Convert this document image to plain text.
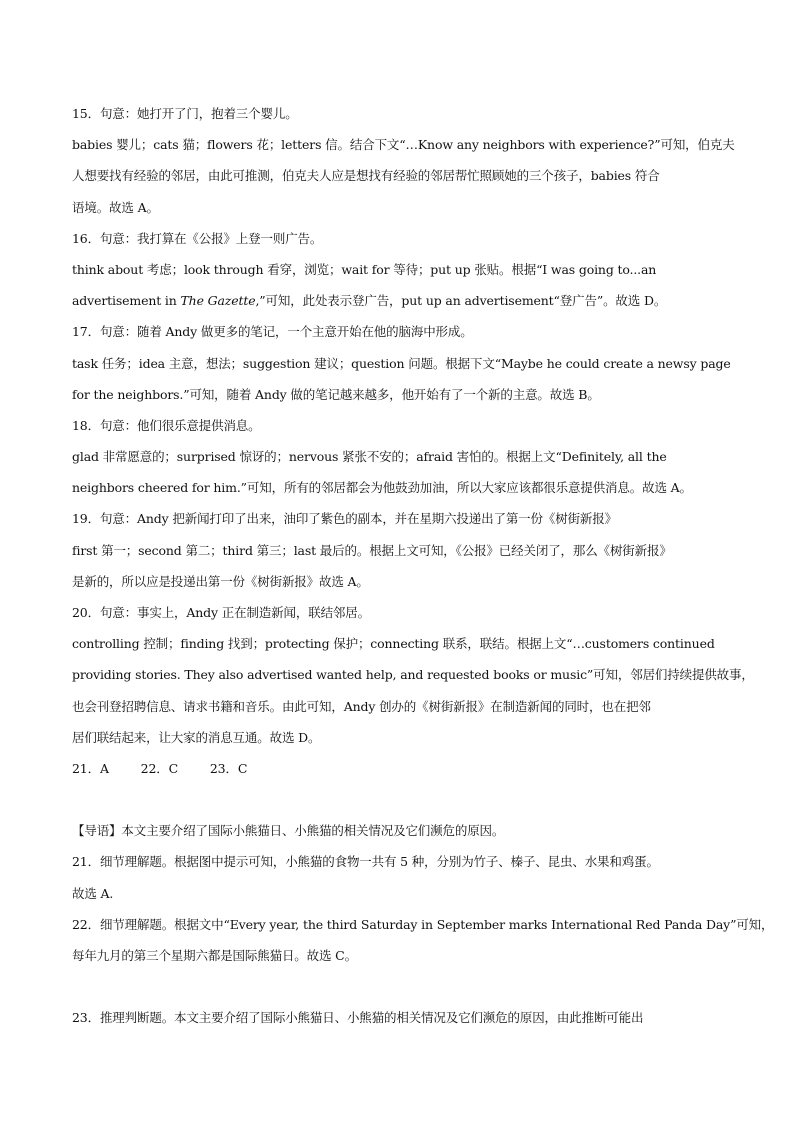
15．句意：她打开了门，抱着三个婴儿。
babies 婴儿；cats 猫；flowers 花；letters 信。结合下文“…Know any neighbors with experience?”可知，伯克夫
人想要找有经验的邻居，由此可推测，伯克夫人应是想找有经验的邻居帮忙照顾她的三个孩子，babies 符合
语境。故选 A。
16．句意：我打算在《公报》上登一则广告。
think about 考虑；look through 看穿，浏览；wait for 等待；put up 张贴。根据“I was going to...an
advertisement in The Gazette,”可知，此处表示登广告，put up an advertisement“登广告”。故选 D。
17．句意：随着 Andy 做更多的笔记，一个主意开始在他的脑海中形成。
task 任务；idea 主意，想法；suggestion 建议；question 问题。根据下文“Maybe he could create a newsy page
for the neighbors.”可知，随着 Andy 做的笔记越来越多，他开始有了一个新的主意。故选 B。
18．句意：他们很乐意提供消息。
glad 非常愿意的；surprised 惊讶的；nervous 紧张不安的；afraid 害怕的。根据上文“Definitely, all the
neighbors cheered for him.”可知，所有的邻居都会为他鼓劲加油，所以大家应该都很乐意提供消息。故选 A。
19．句意：Andy 把新闻打印了出来，油印了紫色的副本，并在星期六投递出了第一份《树街新报》
first 第一；second 第二；third 第三；last 最后的。根据上文可知，《公报》已经关闭了，那么《树街新报》
是新的，所以应是投递出第一份《树街新报》故选 A。
20．句意：事实上，Andy 正在制造新闻，联结邻居。
controlling 控制；finding 找到；protecting 保护；connecting 联系，联结。根据上文“…customers continued
providing stories. They also advertised wanted help, and requested books or music”可知，邻居们持续提供故事，
也会刊登招聘信息、请求书籍和音乐。由此可知，Andy 创办的《树街新报》在制造新闻的同时，也在把邻
居们联结起来，让大家的消息互通。故选 D。
21．A	22．C	23．C
【导语】本文主要介绍了国际小熊猫日、小熊猫的相关情况及它们濒危的原因。
21．细节理解题。根据图中提示可知，小熊猫的食物一共有 5 种，分别为竹子、榛子、昆虫、水果和鸡蛋。
故选 A.
22．细节理解题。根据文中“Every year, the third Saturday in September marks International Red Panda Day”可知，
每年九月的第三个星期六都是国际熊猫日。故选 C。
23．推理判断题。本文主要介绍了国际小熊猫日、小熊猫的相关情况及它们濒危的原因，由此推断可能出
